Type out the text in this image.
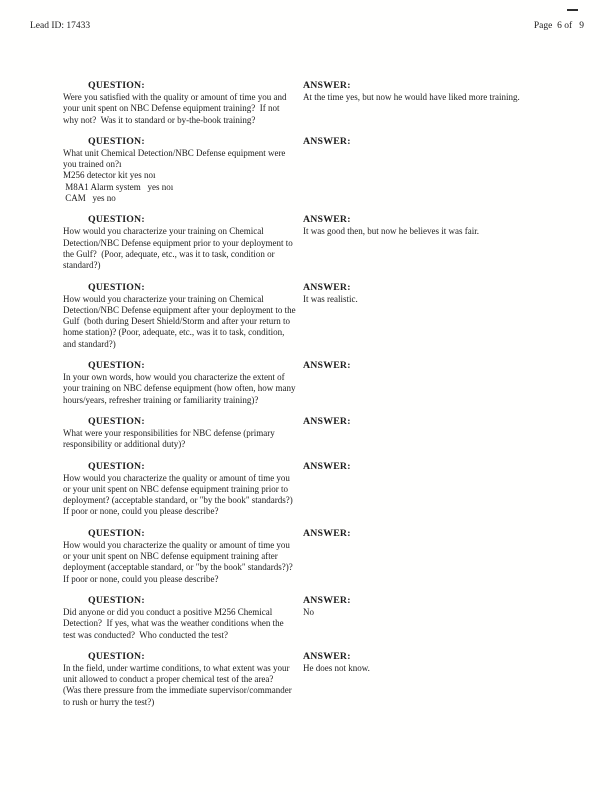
Lead ID: 17433	Page  6 of   9
QUESTION:
Were you satisfied with the quality or amount of time you and your unit spent on NBC Defense equipment training?  If not why not?  Was it to standard or by-the-book training?
ANSWER:
At the time yes, but now he would have liked more training.
QUESTION:
What unit Chemical Detection/NBC Defense equipment were you trained on?ı
M256 detector kit yes noı
M8A1 Alarm system   yes noı
CAM   yes no
ANSWER:
QUESTION:
How would you characterize your training on Chemical Detection/NBC Defense equipment prior to your deployment to the Gulf?  (Poor, adequate, etc., was it to task, condition or standard?)
ANSWER:
It was good then, but now he believes it was fair.
QUESTION:
How would you characterize your training on Chemical Detection/NBC Defense equipment after your deployment to the Gulf  (both during Desert Shield/Storm and after your return to home station)? (Poor, adequate, etc., was it to task, condition, and standard?)
ANSWER:
It was realistic.
QUESTION:
In your own words, how would you characterize the extent of your training on NBC defense equipment (how often, how many hours/years, refresher training or familiarity training)?
ANSWER:
QUESTION:
What were your responsibilities for NBC defense (primary responsibility or additional duty)?
ANSWER:
QUESTION:
How would you characterize the quality or amount of time you or your unit spent on NBC defense equipment training prior to deployment? (acceptable standard, or "by the book" standards?) If poor or none, could you please describe?
ANSWER:
QUESTION:
How would you characterize the quality or amount of time you or your unit spent on NBC defense equipment training after deployment (acceptable standard, or "by the book" standards?)?  If poor or none, could you please describe?
ANSWER:
QUESTION:
Did anyone or did you conduct a positive M256 Chemical Detection?  If yes, what was the weather conditions when the test was conducted?  Who conducted the test?
ANSWER:
No
QUESTION:
In the field, under wartime conditions, to what extent was your unit allowed to conduct a proper chemical test of the area?  (Was there pressure from the immediate supervisor/commander to rush or hurry the test?)
ANSWER:
He does not know.
